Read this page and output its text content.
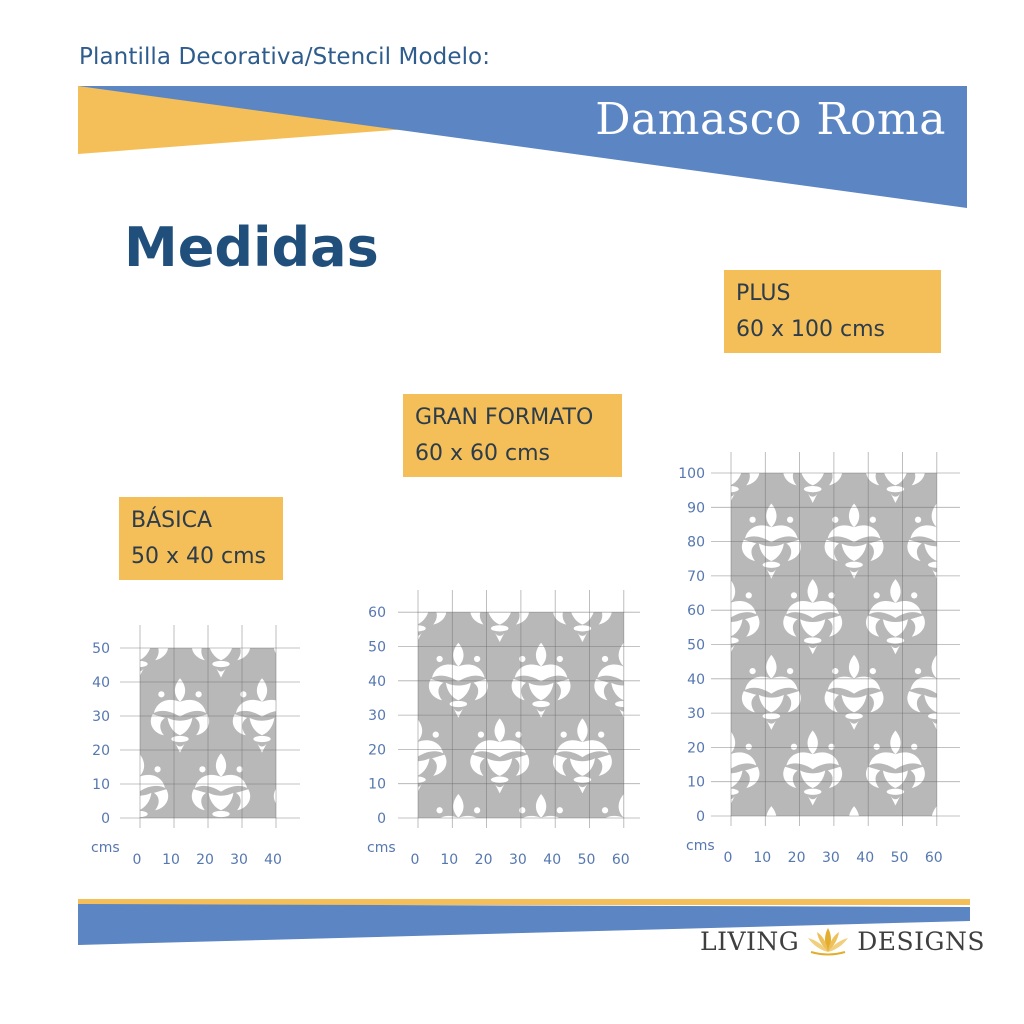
Plantilla Decorativa/Stencil Modelo:
Damasco Roma
Medidas
BÁSICA
50 x 40 cms
GRAN FORMATO
60 x 60 cms
PLUS
60 x 100 cms
0
10
20
30
40
50
0 10 20 30 40
cms
0
10
20
30
40
50
60
0 10 20 30 40 50 60
cms
0
10
20
30
40
50
60
70
80
90
100
0 10 20 30 40 50 60
cms
LIVING DESIGNS
